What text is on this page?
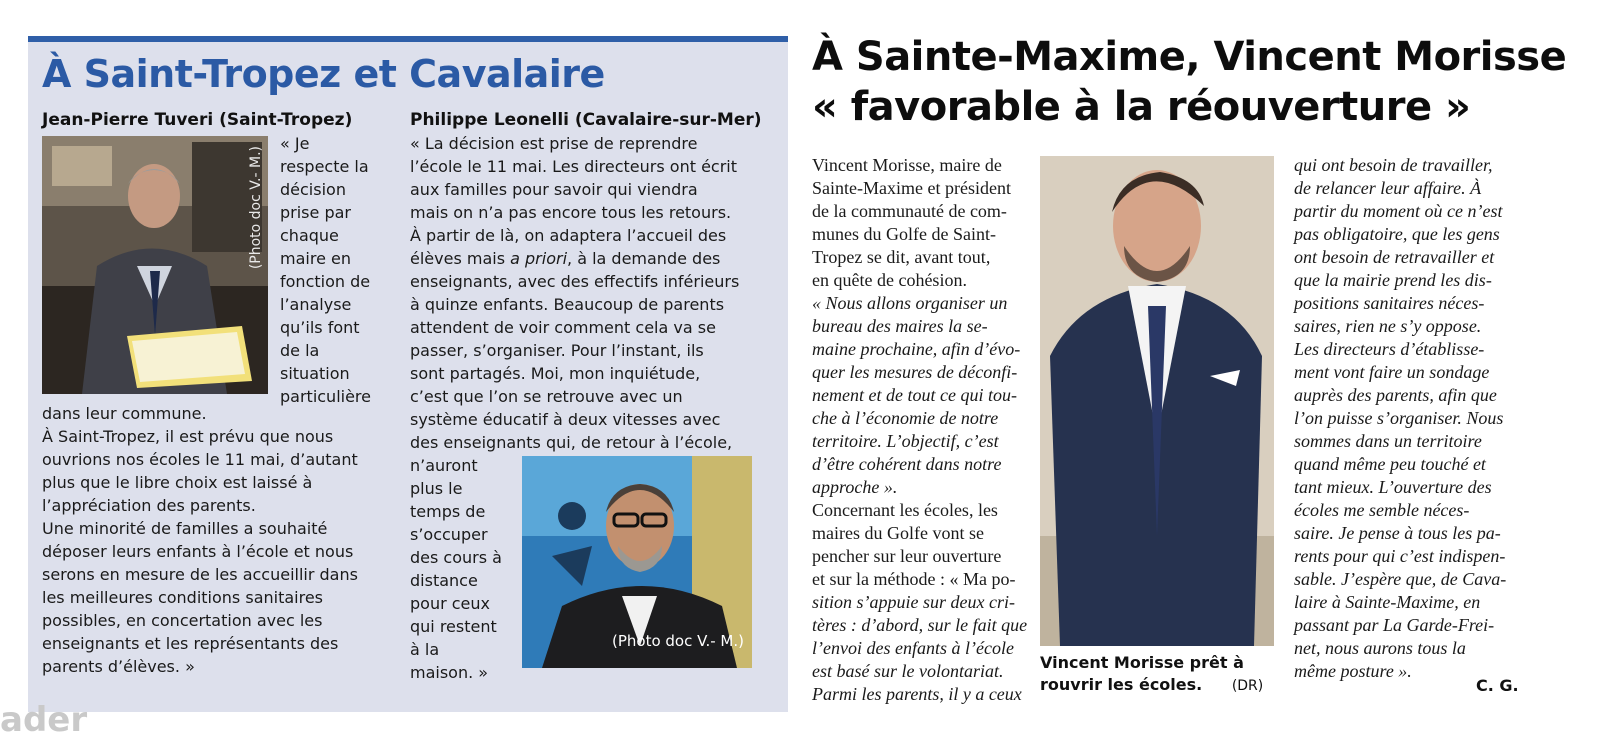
À Saint-Tropez et Cavalaire
Jean-Pierre Tuveri (Saint-Tropez)
(Photo doc V.- M.)
« Je
respecte la
décision
prise par
chaque
maire en
fonction de
l’analyse
qu’ils font
de la
situation
particulière
dans leur commune.
À Saint-Tropez, il est prévu que nous
ouvrions nos écoles le 11 mai, d’autant
plus que le libre choix est laissé à
l’appréciation des parents.
Une minorité de familles a souhaité
déposer leurs enfants à l’école et nous
serons en mesure de les accueillir dans
les meilleures conditions sanitaires
possibles, en concertation avec les
enseignants et les représentants des
parents d’élèves. »
Philippe Leonelli (Cavalaire-sur-Mer)
« La décision est prise de reprendre
l’école le 11 mai. Les directeurs ont écrit
aux familles pour savoir qui viendra
mais on n’a pas encore tous les retours.
À partir de là, on adaptera l’accueil des
élèves mais a priori, à la demande des
enseignants, avec des effectifs inférieurs
à quinze enfants. Beaucoup de parents
attendent de voir comment cela va se
passer, s’organiser. Pour l’instant, ils
sont partagés. Moi, mon inquiétude,
c’est que l’on se retrouve avec un
système éducatif à deux vitesses avec
des enseignants qui, de retour à l’école,
n’auront
plus le
temps de
s’occuper
des cours à
distance
pour ceux
qui restent
à la
maison. »
(Photo doc V.- M.)
À Sainte-Maxime, Vincent Morisse
« favorable à la réouverture »
Vincent Morisse, maire de
Sainte-Maxime et président
de la communauté de com-
munes du Golfe de Saint-
Tropez se dit, avant tout,
en quête de cohésion.
« Nous allons organiser un
bureau des maires la se-
maine prochaine, afin d’évo-
quer les mesures de déconfi-
nement et de tout ce qui tou-
che à l’économie de notre
territoire. L’objectif, c’est
d’être cohérent dans notre
approche ».
Concernant les écoles, les
maires du Golfe vont se
pencher sur leur ouverture
et sur la méthode : « Ma po-
sition s’appuie sur deux cri-
tères : d’abord, sur le fait que
l’envoi des enfants à l’école
est basé sur le volontariat.
Parmi les parents, il y a ceux
Vincent Morisse prêt à
rouvrir les écoles. (DR)
qui ont besoin de travailler,
de relancer leur affaire. À
partir du moment où ce n’est
pas obligatoire, que les gens
ont besoin de retravailler et
que la mairie prend les dis-
positions sanitaires néces-
saires, rien ne s’y oppose.
Les directeurs d’établisse-
ment vont faire un sondage
auprès des parents, afin que
l’on puisse s’organiser. Nous
sommes dans un territoire
quand même peu touché et
tant mieux. L’ouverture des
écoles me semble néces-
saire. Je pense à tous les pa-
rents pour qui c’est indispen-
sable. J’espère que, de Cava-
laire à Sainte-Maxime, en
passant par La Garde-Frei-
net, nous aurons tous la
même posture ».
C. G.
ader
